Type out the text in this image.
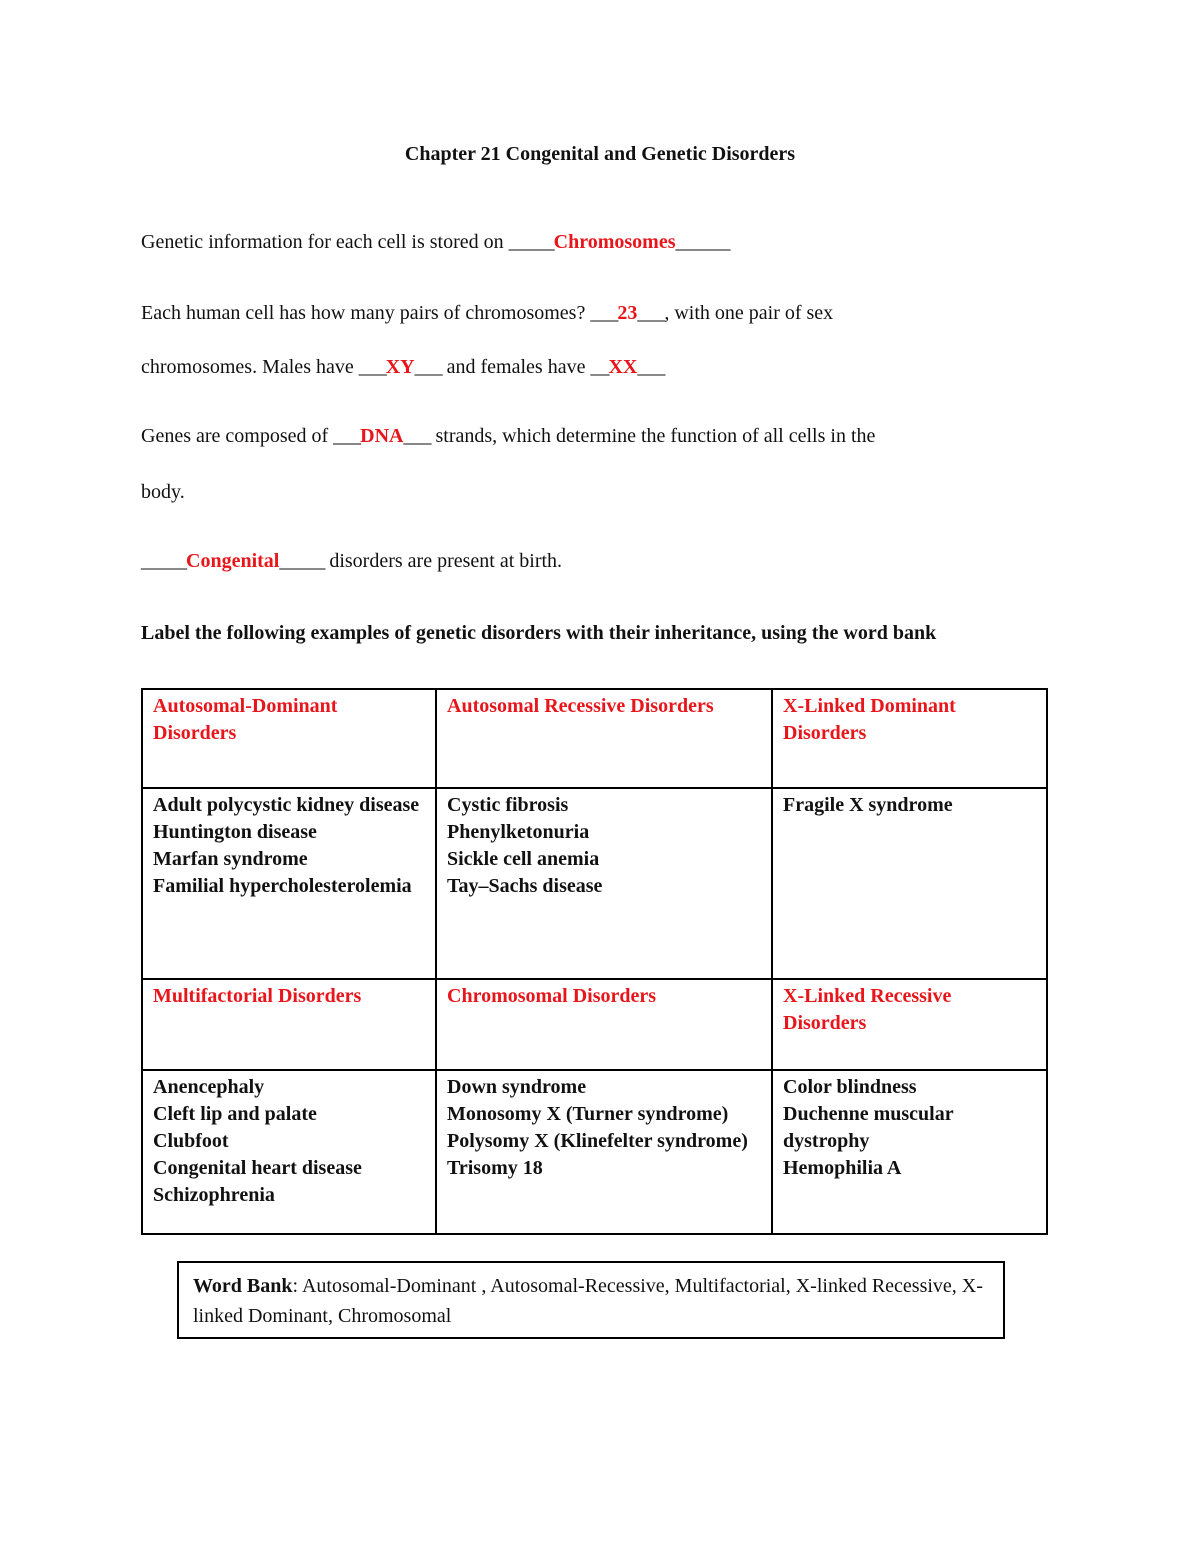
Chapter 21 Congenital and Genetic Disorders
Genetic information for each cell is stored on _____Chromosomes______
Each human cell has how many pairs of chromosomes? ___23___, with one pair of sex
chromosomes. Males have ___XY___ and females have __XX___
Genes are composed of ___DNA___ strands, which determine the function of all cells in the
body.
_____Congenital_____ disorders are present at birth.
Label the following examples of genetic disorders with their inheritance, using the word bank
Autosomal-Dominant Disorders	Autosomal Recessive Disorders	X-Linked Dominant Disorders

Adult polycystic kidney disease
Huntington disease
Marfan syndrome
Familial hypercholesterolemia	Cystic fibrosis
Phenylketonuria
Sickle cell anemia
Tay–Sachs disease	Fragile X syndrome

Multifactorial Disorders	Chromosomal Disorders	X-Linked Recessive Disorders

Anencephaly
Cleft lip and palate
Clubfoot
Congenital heart disease
Schizophrenia	Down syndrome
Monosomy X (Turner syndrome)
Polysomy X (Klinefelter syndrome)
Trisomy 18	Color blindness
Duchenne muscular dystrophy
Hemophilia A
Word Bank: Autosomal-Dominant , Autosomal-Recessive, Multifactorial, X-linked Recessive, X-linked Dominant, Chromosomal
